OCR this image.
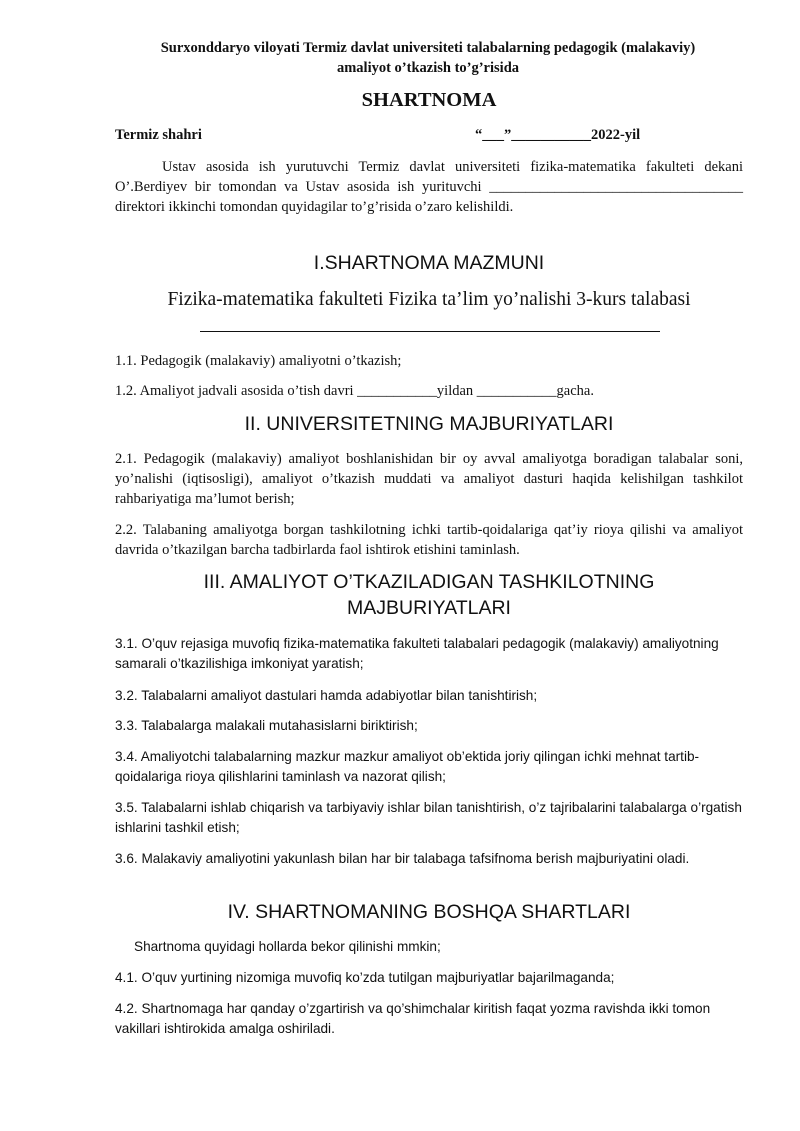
Surxonddaryo viloyati Termiz davlat universiteti talabalarning pedagogik (malakaviy)
amaliyot o’tkazish to’g’risida
SHARTNOMA
Termiz shahri	“___”___________2022-yil
Ustav asosida ish yurutuvchi Termiz davlat universiteti fizika-matematika fakulteti dekani O’.Berdiyev bir tomondan va Ustav asosida ish yurituvchi ___________________________________ direktori ikkinchi tomondan quyidagilar to’g’risida o’zaro kelishildi.
I.SHARTNOMA MAZMUNI
Fizika-matematika fakulteti Fizika ta’lim yo’nalishi 3-kurs talabasi
1.1. Pedagogik (malakaviy) amaliyotni o’tkazish;
1.2. Amaliyot jadvali asosida o’tish davri ___________yildan ___________gacha.
II. UNIVERSITETNING MAJBURIYATLARI
2.1. Pedagogik (malakaviy) amaliyot boshlanishidan bir oy avval amaliyotga boradigan talabalar soni, yo’nalishi (iqtisosligi), amaliyot o’tkazish muddati va amaliyot dasturi haqida kelishilgan tashkilot rahbariyatiga ma’lumot berish;
2.2. Talabaning amaliyotga borgan tashkilotning ichki tartib-qoidalariga qat’iy rioya qilishi va amaliyot davrida o’tkazilgan barcha tadbirlarda faol ishtirok etishini taminlash.
III. AMALIYOT O’TKAZILADIGAN TASHKILOTNING
MAJBURIYATLARI
3.1. O’quv rejasiga muvofiq fizika-matematika fakulteti talabalari pedagogik (malakaviy) amaliyotning samarali o’tkazilishiga imkoniyat yaratish;
3.2. Talabalarni amaliyot dastulari hamda adabiyotlar bilan tanishtirish;
3.3. Talabalarga malakali mutahasislarni biriktirish;
3.4. Amaliyotchi talabalarning mazkur mazkur amaliyot ob’ektida joriy qilingan ichki mehnat tartib-qoidalariga rioya qilishlarini taminlash va nazorat qilish;
3.5. Talabalarni ishlab chiqarish va tarbiyaviy ishlar bilan tanishtirish, o’z tajribalarini talabalarga o’rgatish ishlarini tashkil etish;
3.6. Malakaviy amaliyotini yakunlash bilan har bir talabaga tafsifnoma berish majburiyatini oladi.
IV. SHARTNOMANING BOSHQA SHARTLARI
Shartnoma quyidagi hollarda bekor qilinishi mmkin;
4.1. O’quv yurtining nizomiga muvofiq ko’zda tutilgan majburiyatlar bajarilmaganda;
4.2. Shartnomaga har qanday o’zgartirish va qo’shimchalar kiritish faqat yozma ravishda ikki tomon vakillari ishtirokida amalga oshiriladi.
